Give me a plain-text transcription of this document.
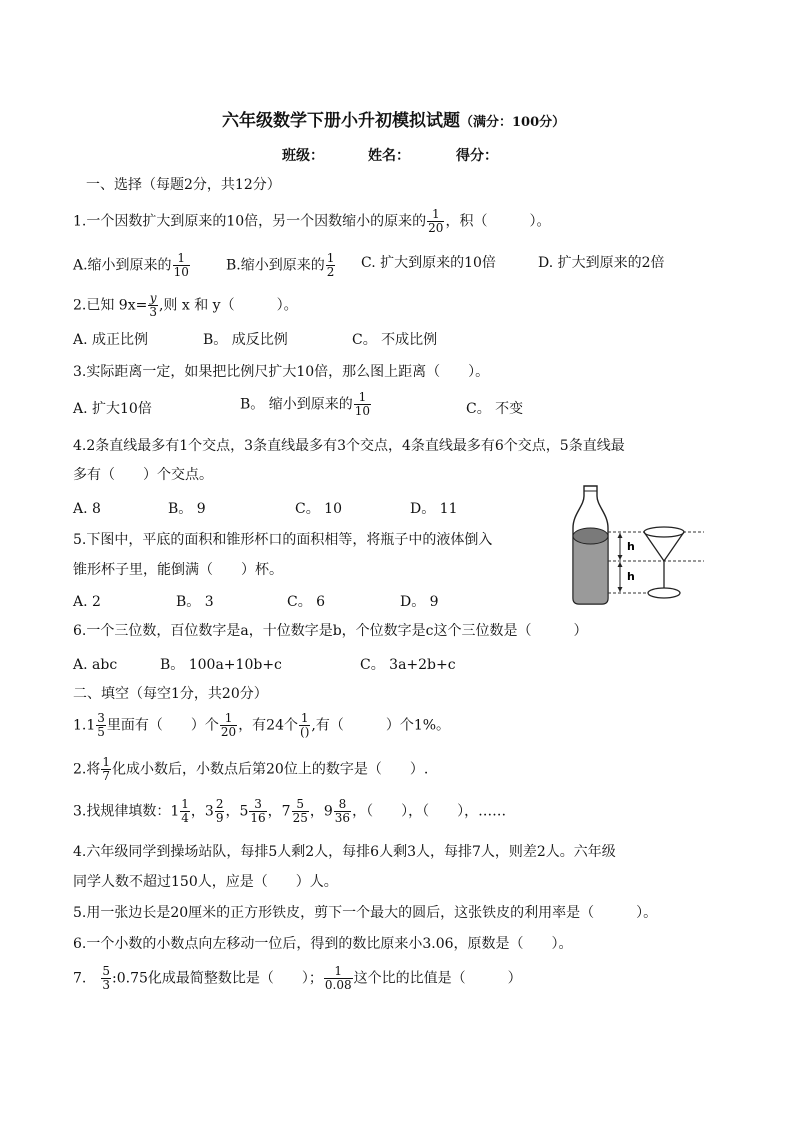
六年级数学下册小升初模拟试题（满分：100分）
班级：	姓名：	得分：
一、选择（每题2分，共12分）
1.一个因数扩大到原来的10倍，另一个因数缩小的原来的 $\frac{1}{20}$ ，积（　　　）。
A.缩小到原来的 $\frac{1}{10}$	B.缩小到原来的 $\frac{1}{2} C$. 扩大到原来的10倍	D. 扩大到原来的2倍
2.已知 $9x= \frac{y}{3}$ ,则 x 和 y（　　　）。
A. 成正比例	B。 成反比例	C。 不成比例
3.实际距离一定，如果把比例尺扩大10倍，那么图上距离（　　）。
A. 扩大10倍	B。 缩小到原来的 $\frac{1}{10}$	C。 不变
4.2条直线最多有1个交点，3条直线最多有3个交点，4条直线最多有6个交点，5条直线最
多有（　　）个交点。
A. 8	B。 9	C。 10	D。 11
5.下图中，平底的面积和锥形杯口的面积相等，将瓶子中的液体倒入
锥形杯子里，能倒满（　　）杯。
A. 2	B。 3	C。 6	D。 9
h
h
6.一个三位数，百位数字是a，十位数字是b，个位数字是c这个三位数是（　　　）
A. abc	B。 100a+10b+c	C。 3a+2b+c
二、填空（每空1分，共20分）
$1.1 \frac{3}{5}$ 里面有（　　）个 $\frac{1}{20}$ ，有24个 $\frac{1}{()}$ ,有（　　　）个1%。
2.将 $\frac{1}{7}$ 化成小数后，小数点后第20位上的数字是（　　）.
3.找规律填数：$1 \frac{1}{4}$ ，$3 \frac{2}{9}$ ，$5 \frac{3}{16}$ ，$7 \frac{5}{25}$ ，$9 \frac{8}{36}$ ，（　　），（　　），……
4.六年级同学到操场站队，每排5人剩2人，每排6人剩3人，每排7人，则差2人。六年级
同学人数不超过150人，应是（　　）人。
5.用一张边长是20厘米的正方形铁皮，剪下一个最大的圆后，这张铁皮的利用率是（　　　）。
6.一个小数的小数点向左移动一位后，得到的数比原来小3.06，原数是（　　）。
7.　 $\frac{5}{3}$ :0.75化成最简整数比是（　　）； $\frac{1}{0.08}$ 这个比的比值是（　　　）
